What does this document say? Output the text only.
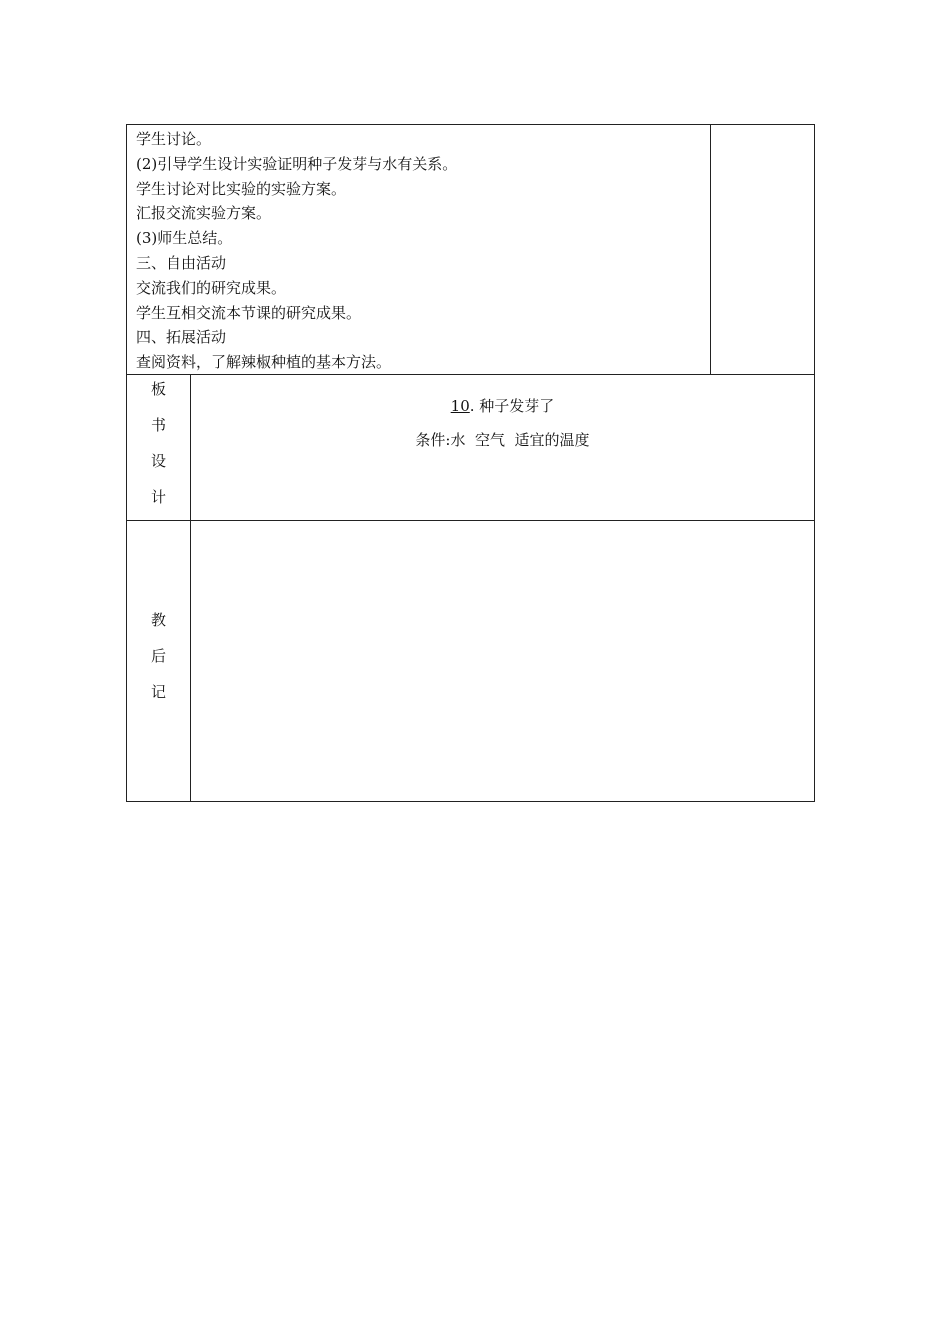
学生讨论。
(2)引导学生设计实验证明种子发芽与水有关系。
学生讨论对比实验的实验方案。
汇报交流实验方案。
(3)师生总结。
三、自由活动
交流我们的研究成果。
学生互相交流本节课的研究成果。
四、拓展活动
查阅资料，了解辣椒种植的基本方法。
板
书
设
计
10. 种子发芽了
条件:水  空气  适宜的温度
教
后
记
